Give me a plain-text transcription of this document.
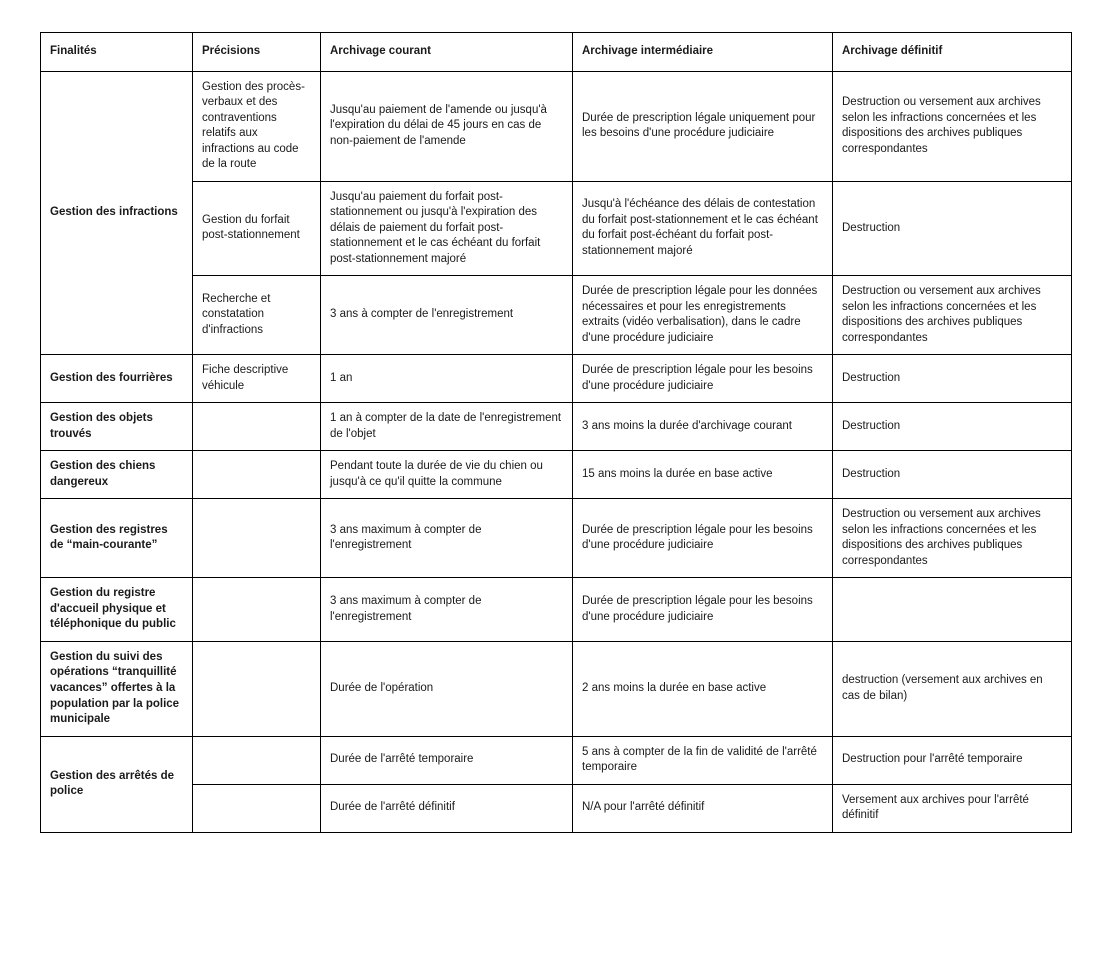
Finalités	Précisions	Archivage courant	Archivage intermédiaire	Archivage définitif
Gestion des infractions	Gestion des procès-verbaux et des contraventions relatifs aux infractions au code de la route	Jusqu'au paiement de l'amende ou jusqu'à l'expiration du délai de 45 jours en cas de non-paiement de l'amende	Durée de prescription légale uniquement pour les besoins d'une procédure judiciaire	Destruction ou versement aux archives selon les infractions concernées et les dispositions des archives publiques correspondantes
	Gestion du forfait post-stationnement	Jusqu'au paiement du forfait post-stationnement ou jusqu'à l'expiration des délais de paiement du forfait post-stationnement et le cas échéant du forfait post-stationnement majoré	Jusqu'à l'échéance des délais de contestation du forfait post-stationnement et le cas échéant du forfait post-échéant du forfait post-stationnement majoré	Destruction
	Recherche et constatation d'infractions	3 ans à compter de l'enregistrement	Durée de prescription légale pour les données nécessaires et pour les enregistrements extraits (vidéo verbalisation), dans le cadre d'une procédure judiciaire	Destruction ou versement aux archives selon les infractions concernées et les dispositions des archives publiques correspondantes
Gestion des fourrières	Fiche descriptive véhicule	1 an	Durée de prescription légale pour les besoins d'une procédure judiciaire	Destruction
Gestion des objets trouvés		1 an à compter de la date de l'enregistrement de l'objet	3 ans moins la durée d'archivage courant	Destruction
Gestion des chiens dangereux		Pendant toute la durée de vie du chien ou jusqu'à ce qu'il quitte la commune	15 ans moins la durée en base active	Destruction
Gestion des registres de “main-courante”		3 ans maximum à compter de l'enregistrement	Durée de prescription légale pour les besoins d'une procédure judiciaire	Destruction ou versement aux archives selon les infractions concernées et les dispositions des archives publiques correspondantes
Gestion du registre d'accueil physique et téléphonique du public		3 ans maximum à compter de l'enregistrement	Durée de prescription légale pour les besoins d'une procédure judiciaire	
Gestion du suivi des opérations “tranquillité vacances” offertes à la population par la police municipale		Durée de l'opération	2 ans moins la durée en base active	destruction (versement aux archives en cas de bilan)
Gestion des arrêtés de police		Durée de l'arrêté temporaire	5 ans à compter de la fin de validité de l'arrêté temporaire	Destruction pour l'arrêté temporaire
		Durée de l'arrêté définitif	N/A pour l'arrêté définitif	Versement aux archives pour l'arrêté définitif
